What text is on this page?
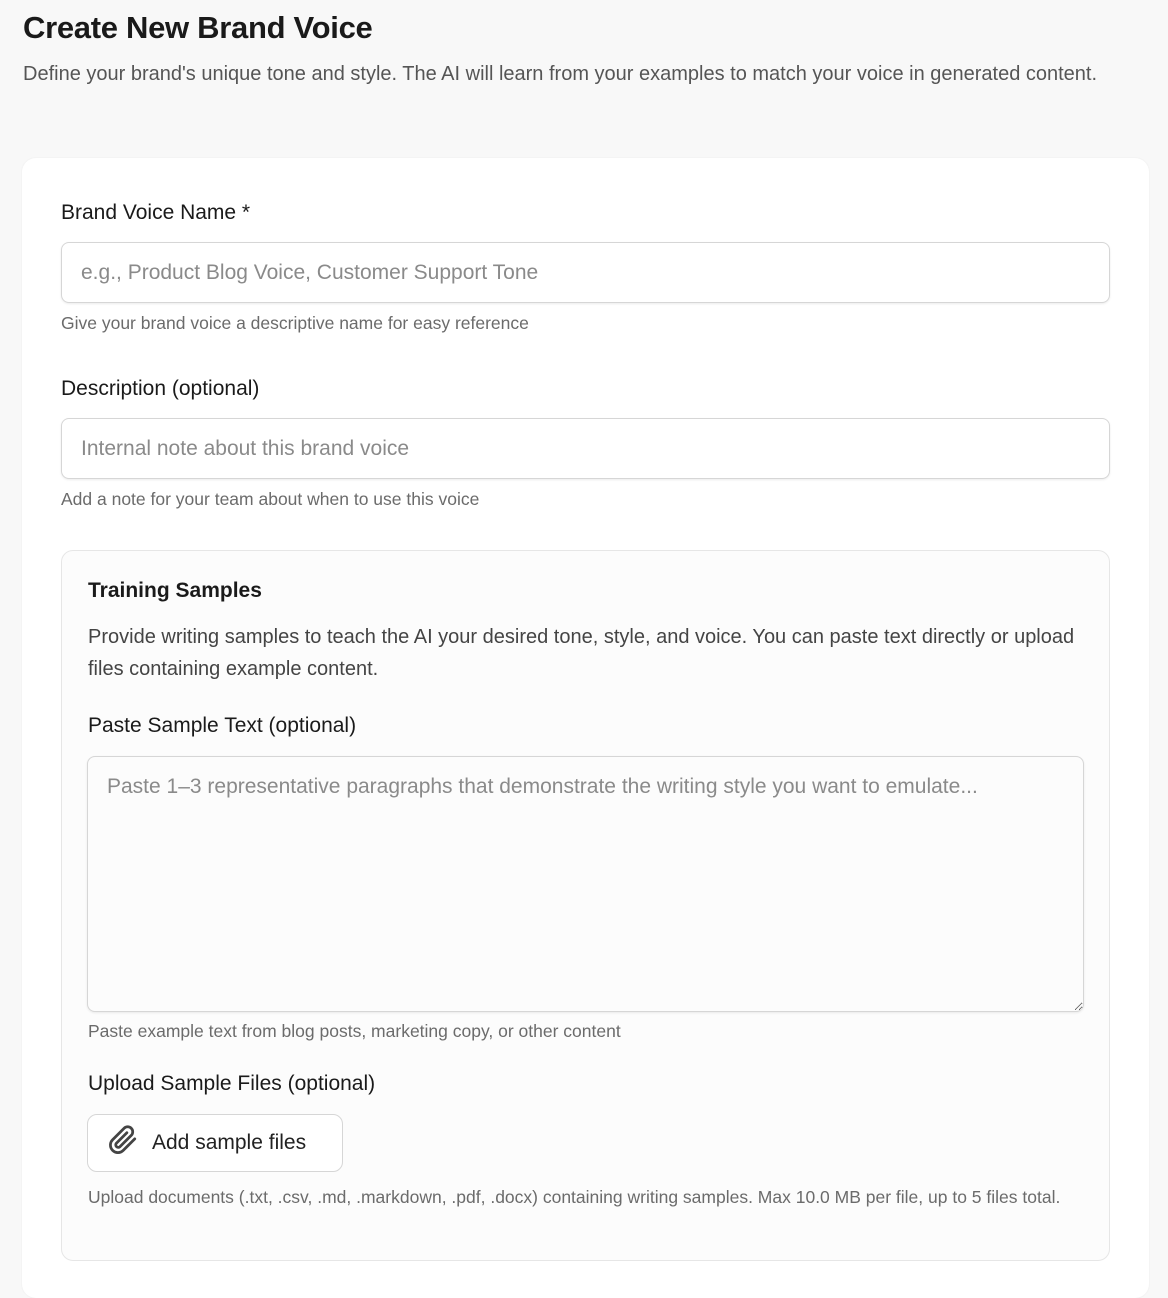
Create New Brand Voice

Define your brand's unique tone and style. The AI will learn from your examples to match your voice in generated content.

Brand Voice Name *
e.g., Product Blog Voice, Customer Support Tone
Give your brand voice a descriptive name for easy reference
Description (optional)
Internal note about this brand voice
Add a note for your team about when to use this voice
Training Samples
Provide writing samples to teach the AI your desired tone, style, and voice. You can paste text directly or upload files containing example content.
Paste Sample Text (optional)
Paste 1–3 representative paragraphs that demonstrate the writing style you want to emulate...
Paste example text from blog posts, marketing copy, or other content
Upload Sample Files (optional)
Add sample files
Upload documents (.txt, .csv, .md, .markdown, .pdf, .docx) containing writing samples. Max 10.0 MB per file, up to 5 files total.
